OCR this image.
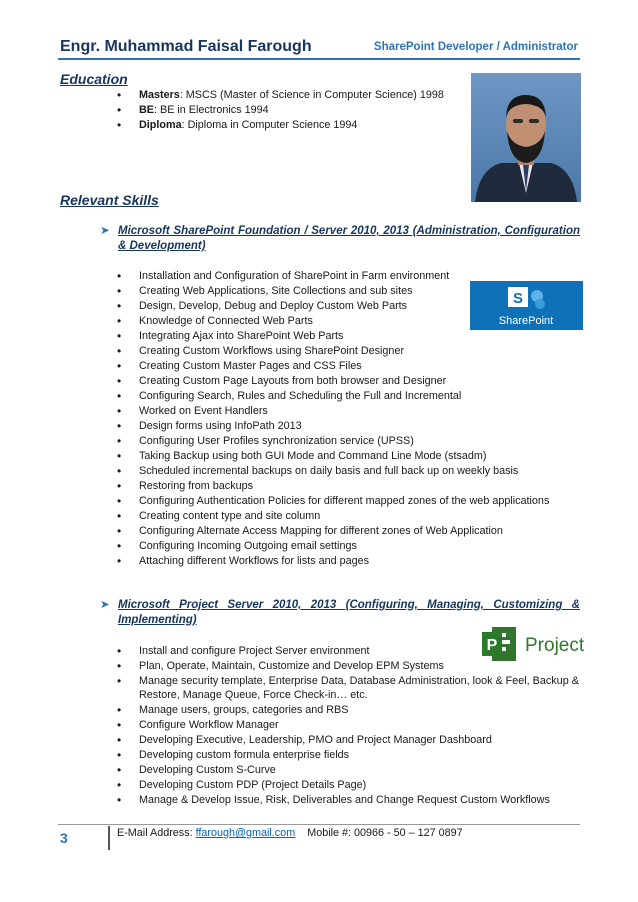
Engr. Muhammad Faisal Farough	SharePoint Developer / Administrator
Education
• Masters: MSCS (Master of Science in Computer Science) 1998
• BE: BE in Electronics 1994
• Diploma: Diploma in Computer Science 1994
Relevant Skills
➤ Microsoft SharePoint Foundation / Server 2010, 2013 (Administration, Configuration & Development)
S
SharePoint
• Installation and Configuration of SharePoint in Farm environment
• Creating Web Applications, Site Collections and sub sites
• Design, Develop, Debug and Deploy Custom Web Parts
• Knowledge of Connected Web Parts
• Integrating Ajax into SharePoint Web Parts
• Creating Custom Workflows using SharePoint Designer
• Creating Custom Master Pages and CSS Files
• Creating Custom Page Layouts from both browser and Designer
• Configuring Search, Rules and Scheduling the Full and Incremental
• Worked on Event Handlers
• Design forms using InfoPath 2013
• Configuring User Profiles synchronization service (UPSS)
• Taking Backup using both GUI Mode and Command Line Mode (stsadm)
• Scheduled incremental backups on daily basis and full back up on weekly basis
• Restoring from backups
• Configuring Authentication Policies for different mapped zones of the web applications
• Creating content type and site column
• Configuring Alternate Access Mapping for different zones of Web Application
• Configuring Incoming Outgoing email settings
• Attaching different Workflows for lists and pages
➤ Microsoft Project Server 2010, 2013 (Configuring, Managing, Customizing & Implementing)
P Project
• Install and configure Project Server environment
• Plan, Operate, Maintain, Customize and Develop EPM Systems
• Manage security template, Enterprise Data, Database Administration, look & Feel, Backup & Restore, Manage Queue, Force Check-in… etc.
• Manage users, groups, categories and RBS
• Configure Workflow Manager
• Developing Executive, Leadership, PMO and Project Manager Dashboard
• Developing custom formula enterprise fields
• Developing Custom S-Curve
• Developing Custom PDP (Project Details Page)
• Manage & Develop Issue, Risk, Deliverables and Change Request Custom Workflows
3	E-Mail Address: ffarough@gmail.com Mobile #: 00966 - 50 – 127 0897
